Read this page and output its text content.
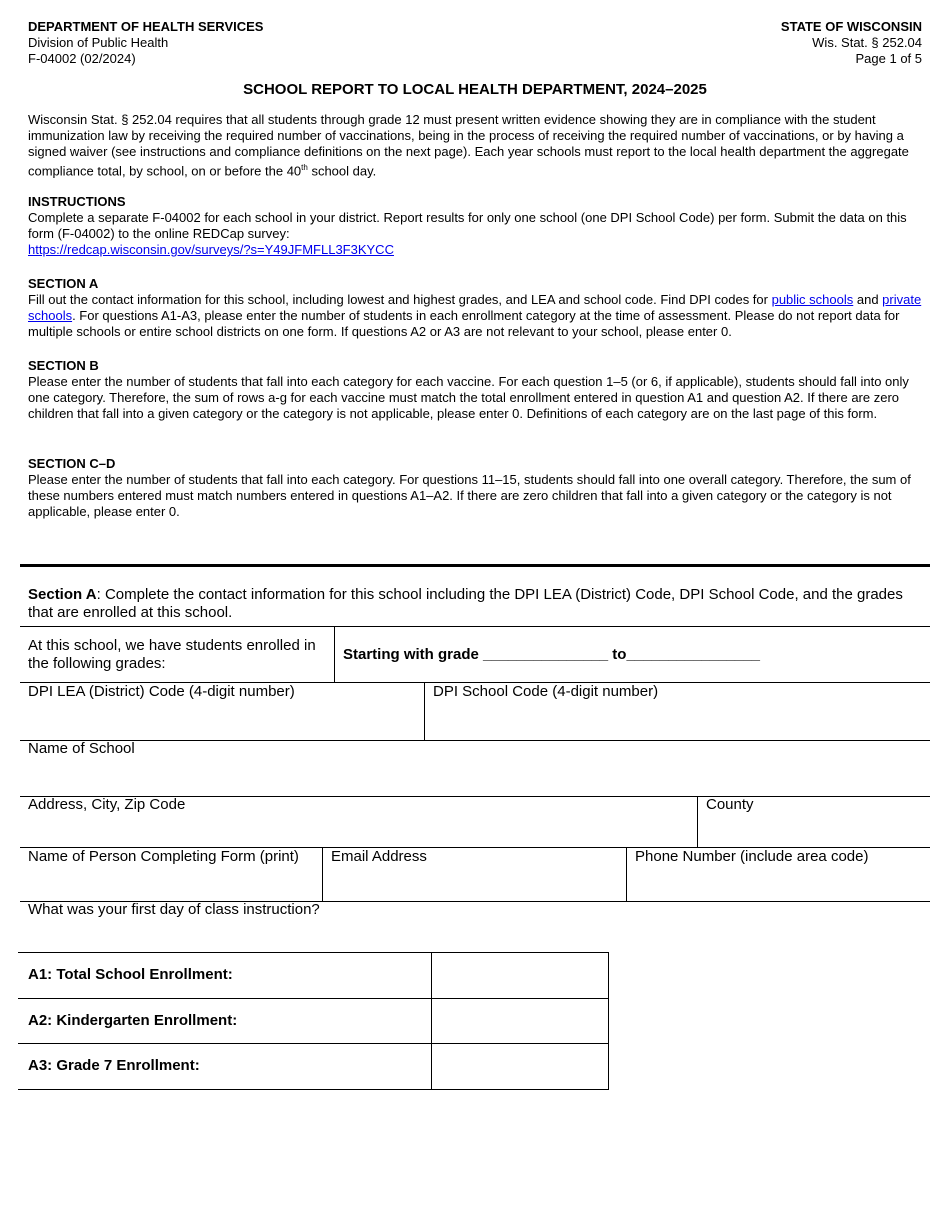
DEPARTMENT OF HEALTH SERVICES
Division of Public Health
F-04002 (02/2024)
STATE OF WISCONSIN
Wis. Stat. § 252.04
Page 1 of 5
SCHOOL REPORT TO LOCAL HEALTH DEPARTMENT, 2024–2025

Wisconsin Stat. § 252.04 requires that all students through grade 12 must present written evidence showing they are in compliance with the student immunization law by receiving the required number of vaccinations, being in the process of receiving the required number of vaccinations, or by having a signed waiver (see instructions and compliance definitions on the next page). Each year schools must report to the local health department the aggregate compliance total, by school, on or before the 40th school day.

INSTRUCTIONS

Complete a separate F-04002 for each school in your district. Report results for only one school (one DPI School Code) per form. Submit the data on this form (F-04002) to the online REDCap survey:
https://redcap.wisconsin.gov/surveys/?s=Y49JFMFLL3F3KYCC

SECTION A

Fill out the contact information for this school, including lowest and highest grades, and LEA and school code. Find DPI codes for public schools and private schools. For questions A1-A3, please enter the number of students in each enrollment category at the time of assessment. Please do not report data for multiple schools or entire school districts on one form. If questions A2 or A3 are not relevant to your school, please enter 0.

SECTION B

Please enter the number of students that fall into each category for each vaccine. For each question 1–5 (or 6, if applicable), students should fall into only one category. Therefore, the sum of rows a-g for each vaccine must match the total enrollment entered in question A1 and question A2. If there are zero children that fall into a given category or the category is not applicable, please enter 0. Definitions of each category are on the last page of this form.

SECTION C–D

Please enter the number of students that fall into each category. For questions 11–15, students should fall into one overall category. Therefore, the sum of these numbers entered must match numbers entered in questions A1–A2. If there are zero children that fall into a given category or the category is not applicable, please enter 0.

Section A: Complete the contact information for this school including the DPI LEA (District) Code, DPI School Code, and the grades that are enrolled at this school.
At this school, we have students enrolled in the following grades:
Starting with grade _______________ to________________
DPI LEA (District) Code (4-digit number)	DPI School Code (4-digit number)
Name of School
Address, City, Zip Code	County
Name of Person Completing Form (print) Email Address	Phone Number (include area code)
What was your first day of class instruction?
A1: Total School Enrollment:
A2: Kindergarten Enrollment:
A3: Grade 7 Enrollment:
